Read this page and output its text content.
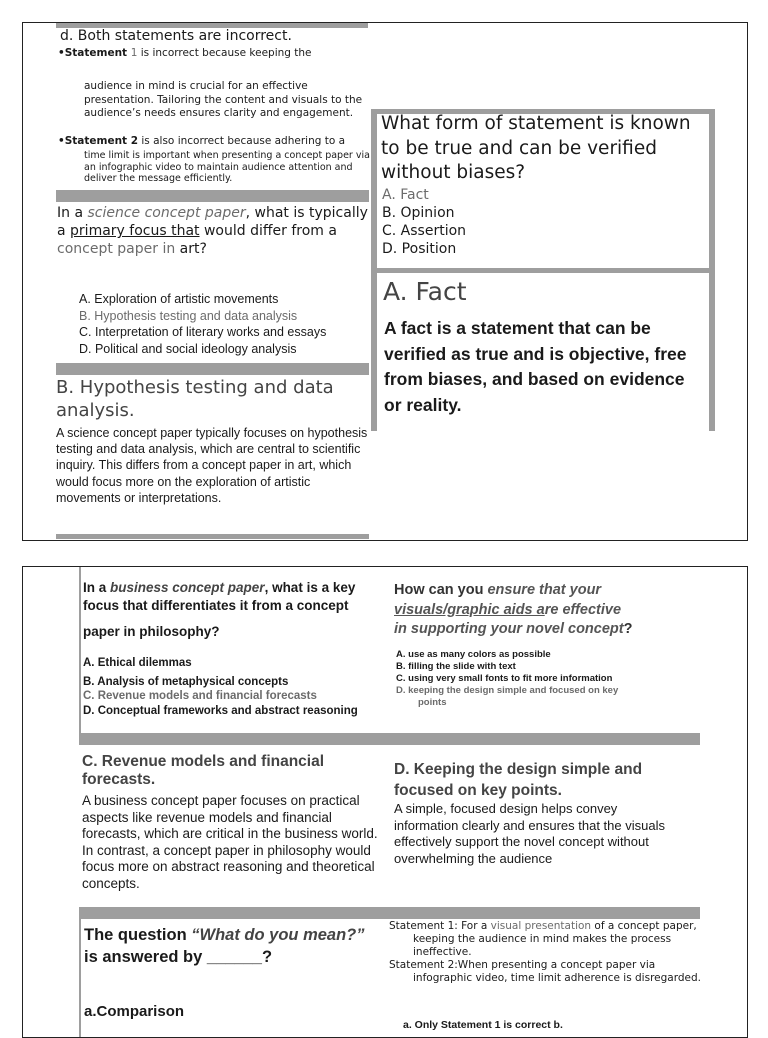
d. Both statements are incorrect.
•Statement 1 is incorrect because keeping the
audience in mind is crucial for an effective presentation. Tailoring the content and visuals to the audience’s needs ensures clarity and engagement.
•Statement 2 is also incorrect because adhering to a
time limit is important when presenting a concept paper via an infographic video to maintain audience attention and deliver the message efficiently.
In a science concept paper, what is typically a primary focus that would differ from a concept paper in art?
A. Exploration of artistic movements
B. Hypothesis testing and data analysis
C. Interpretation of literary works and essays
D. Political and social ideology analysis
B. Hypothesis testing and data analysis.
A science concept paper typically focuses on hypothesis testing and data analysis, which are central to scientific inquiry. This differs from a concept paper in art, which would focus more on the exploration of artistic movements or interpretations.
What form of statement is known to be true and can be verified without biases?
A. Fact
B. Opinion
C. Assertion
D. Position
A. Fact
A fact is a statement that can be verified as true and is objective, free from biases, and based on evidence or reality.
In a business concept paper, what is a key focus that differentiates it from a concept
paper in philosophy?
A. Ethical dilemmas
B. Analysis of metaphysical concepts
C. Revenue models and financial forecasts
D. Conceptual frameworks and abstract reasoning
How can you ensure that your
visuals/graphic aids are effective
in supporting your novel concept?
A. use as many colors as possible
B. filling the slide with text
C. using very small fonts to fit more information
D. keeping the design simple and focused on key
points
C. Revenue models and financial forecasts.
A business concept paper focuses on practical aspects like revenue models and financial forecasts, which are critical in the business world. In contrast, a concept paper in philosophy would focus more on abstract reasoning and theoretical concepts.
D. Keeping the design simple and focused on key points.
A simple, focused design helps convey information clearly and ensures that the visuals effectively support the novel concept without overwhelming the audience
The question “What do you mean?” is answered by ______?
a.Comparison
Statement 1: For a visual presentation of a concept paper, keeping the audience in mind makes the process ineffective.
Statement 2:When presenting a concept paper via infographic video, time limit adherence is disregarded.
a. Only Statement 1 is correct b.
